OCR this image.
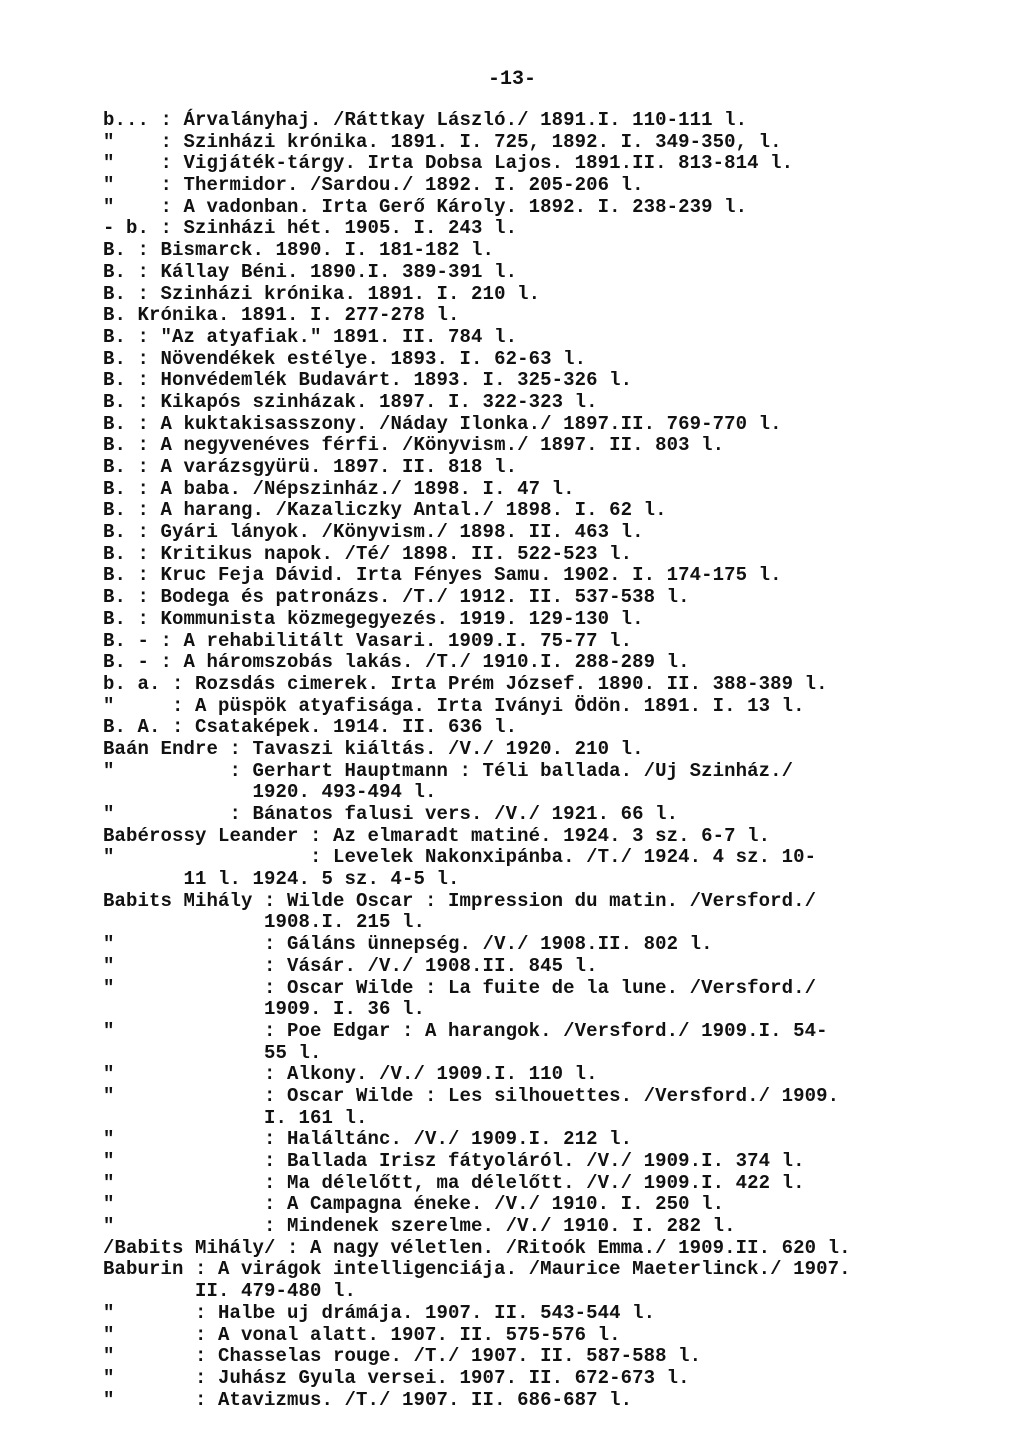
-13-
b... : Árvalányhaj. /Ráttkay László./ 1891.I. 110-111 l.
"    : Szinházi krónika. 1891. I. 725, 1892. I. 349-350, l.
"    : Vigjáték-tárgy. Irta Dobsa Lajos. 1891.II. 813-814 l.
"    : Thermidor. /Sardou./ 1892. I. 205-206 l.
"    : A vadonban. Irta Gerő Károly. 1892. I. 238-239 l.
- b. : Szinházi hét. 1905. I. 243 l.
B. : Bismarck. 1890. I. 181-182 l.
B. : Kállay Béni. 1890.I. 389-391 l.
B. : Szinházi krónika. 1891. I. 210 l.
B. Krónika. 1891. I. 277-278 l.
B. : "Az atyafiak." 1891. II. 784 l.
B. : Növendékek estélye. 1893. I. 62-63 l.
B. : Honvédemlék Budavárt. 1893. I. 325-326 l.
B. : Kikapós szinházak. 1897. I. 322-323 l.
B. : A kuktakisasszony. /Náday Ilonka./ 1897.II. 769-770 l.
B. : A negyvenéves férfi. /Könyvism./ 1897. II. 803 l.
B. : A varázsgyürü. 1897. II. 818 l.
B. : A baba. /Népszinház./ 1898. I. 47 l.
B. : A harang. /Kazaliczky Antal./ 1898. I. 62 l.
B. : Gyári lányok. /Könyvism./ 1898. II. 463 l.
B. : Kritikus napok. /Té/ 1898. II. 522-523 l.
B. : Kruc Feja Dávid. Irta Fényes Samu. 1902. I. 174-175 l.
B. : Bodega és patronázs. /T./ 1912. II. 537-538 l.
B. : Kommunista közmegegyezés. 1919. 129-130 l.
B. - : A rehabilitált Vasari. 1909.I. 75-77 l.
B. - : A háromszobás lakás. /T./ 1910.I. 288-289 l.
b. a. : Rozsdás cimerek. Irta Prém József. 1890. II. 388-389 l.
"     : A püspök atyafisága. Irta Iványi Ödön. 1891. I. 13 l.
B. A. : Csataképek. 1914. II. 636 l.
Baán Endre : Tavaszi kiáltás. /V./ 1920. 210 l.
"          : Gerhart Hauptmann : Téli ballada. /Uj Szinház./
1920. 493-494 l.
"          : Bánatos falusi vers. /V./ 1921. 66 l.
Babérossy Leander : Az elmaradt matiné. 1924. 3 sz. 6-7 l.
"                 : Levelek Nakonxipánba. /T./ 1924. 4 sz. 10-
11 l. 1924. 5 sz. 4-5 l.
Babits Mihály : Wilde Oscar : Impression du matin. /Versford./
1908.I. 215 l.
"             : Gáláns ünnepség. /V./ 1908.II. 802 l.
"             : Vásár. /V./ 1908.II. 845 l.
"             : Oscar Wilde : La fuite de la lune. /Versford./
1909. I. 36 l.
"             : Poe Edgar : A harangok. /Versford./ 1909.I. 54-
55 l.
"             : Alkony. /V./ 1909.I. 110 l.
"             : Oscar Wilde : Les silhouettes. /Versford./ 1909.
I. 161 l.
"             : Haláltánc. /V./ 1909.I. 212 l.
"             : Ballada Irisz fátyoláról. /V./ 1909.I. 374 l.
"             : Ma délelőtt, ma délelőtt. /V./ 1909.I. 422 l.
"             : A Campagna éneke. /V./ 1910. I. 250 l.
"             : Mindenek szerelme. /V./ 1910. I. 282 l.
/Babits Mihály/ : A nagy véletlen. /Ritoók Emma./ 1909.II. 620 l.
Baburin : A virágok intelligenciája. /Maurice Maeterlinck./ 1907.
II. 479-480 l.
"       : Halbe uj drámája. 1907. II. 543-544 l.
"       : A vonal alatt. 1907. II. 575-576 l.
"       : Chasselas rouge. /T./ 1907. II. 587-588 l.
"       : Juhász Gyula versei. 1907. II. 672-673 l.
"       : Atavizmus. /T./ 1907. II. 686-687 l.
